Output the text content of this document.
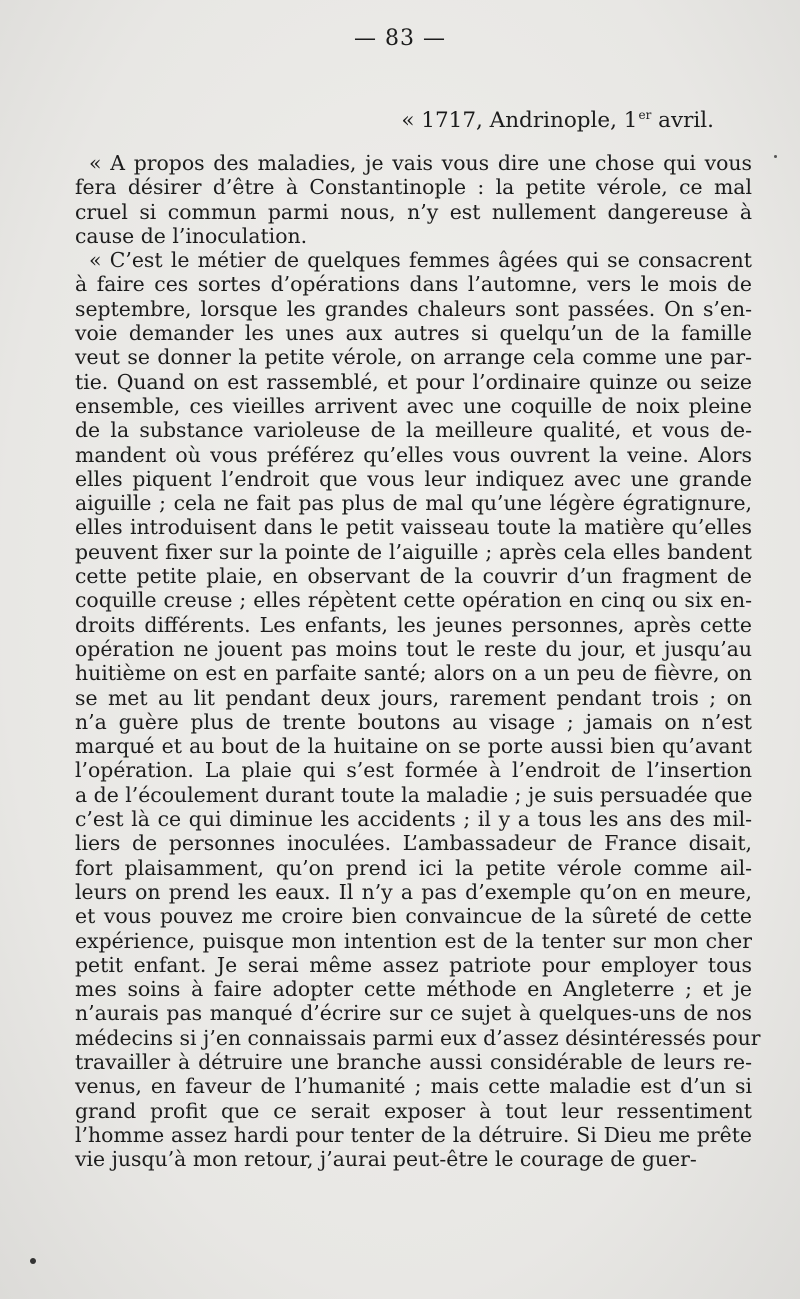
— 83 —
« 1717, Andrinople, 1er avril.
« A propos des maladies, je vais vous dire une chose qui vous
fera désirer d’être à Constantinople : la petite vérole, ce mal
cruel si commun parmi nous, n’y est nullement dangereuse à
cause de l’inoculation.
« C’est le métier de quelques femmes âgées qui se consacrent
à faire ces sortes d’opérations dans l’automne, vers le mois de
septembre, lorsque les grandes chaleurs sont passées. On s’en-
voie demander les unes aux autres si quelqu’un de la famille
veut se donner la petite vérole, on arrange cela comme une par-
tie. Quand on est rassemblé, et pour l’ordinaire quinze ou seize
ensemble, ces vieilles arrivent avec une coquille de noix pleine
de la substance varioleuse de la meilleure qualité, et vous de-
mandent où vous préférez qu’elles vous ouvrent la veine. Alors
elles piquent l’endroit que vous leur indiquez avec une grande
aiguille ; cela ne fait pas plus de mal qu’une légère égratignure,
elles introduisent dans le petit vaisseau toute la matière qu’elles
peuvent fixer sur la pointe de l’aiguille ; après cela elles bandent
cette petite plaie, en observant de la couvrir d’un fragment de
coquille creuse ; elles répètent cette opération en cinq ou six en-
droits différents. Les enfants, les jeunes personnes, après cette
opération ne jouent pas moins tout le reste du jour, et jusqu’au
huitième on est en parfaite santé; alors on a un peu de fièvre, on
se met au lit pendant deux jours, rarement pendant trois ; on
n’a guère plus de trente boutons au visage ; jamais on n’est
marqué et au bout de la huitaine on se porte aussi bien qu’avant
l’opération. La plaie qui s’est formée à l’endroit de l’insertion
a de l’écoulement durant toute la maladie ; je suis persuadée que
c’est là ce qui diminue les accidents ; il y a tous les ans des mil-
liers de personnes inoculées. L’ambassadeur de France disait,
fort plaisamment, qu’on prend ici la petite vérole comme ail-
leurs on prend les eaux. Il n’y a pas d’exemple qu’on en meure,
et vous pouvez me croire bien convaincue de la sûreté de cette
expérience, puisque mon intention est de la tenter sur mon cher
petit enfant. Je serai même assez patriote pour employer tous
mes soins à faire adopter cette méthode en Angleterre ; et je
n’aurais pas manqué d’écrire sur ce sujet à quelques-uns de nos
médecins si j’en connaissais parmi eux d’assez désintéressés pour
travailler à détruire une branche aussi considérable de leurs re-
venus, en faveur de l’humanité ; mais cette maladie est d’un si
grand profit que ce serait exposer à tout leur ressentiment
l’homme assez hardi pour tenter de la détruire. Si Dieu me prête
vie jusqu’à mon retour, j’aurai peut-être le courage de guer-
